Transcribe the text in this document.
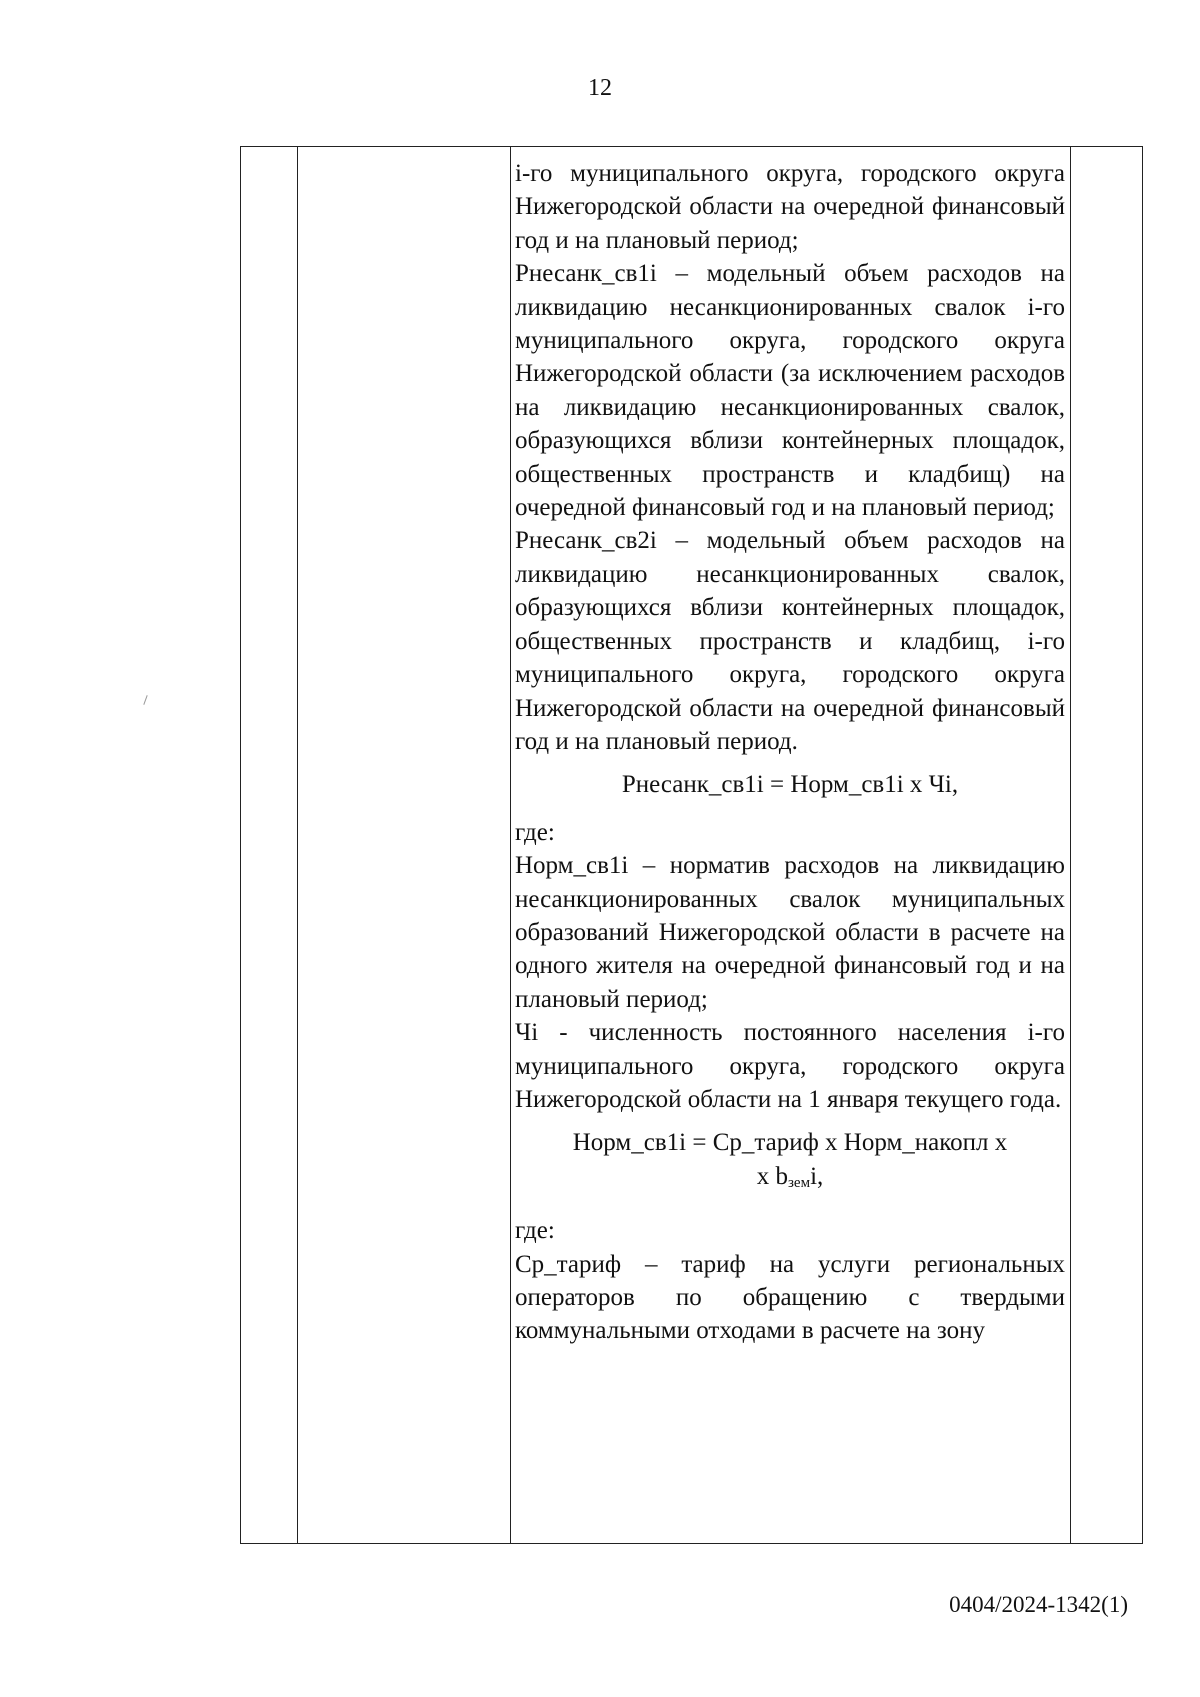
12
i-го муниципального округа, городского округа Нижегородской области на очередной финансовый год и на плановый период;
Рнесанк_св1i – модельный объем расходов на ликвидацию несанкционированных свалок i-го муниципального округа, городского округа Нижегородской области (за исключением расходов на ликвидацию несанкционированных свалок, образующихся вблизи контейнерных площадок, общественных пространств и кладбищ) на очередной финансовый год и на плановый период;
Рнесанк_св2i – модельный объем расходов на ликвидацию несанкционированных свалок, образующихся вблизи контейнерных площадок, общественных пространств и кладбищ, i-го муниципального округа, городского округа Нижегородской области на очередной финансовый год и на плановый период.
Рнесанк_св1i = Норм_св1i х Чi,
где:
Норм_св1i – норматив расходов на ликвидацию несанкционированных свалок муниципальных образований Нижегородской области в расчете на одного жителя на очередной финансовый год и на плановый период;
Чi - численность постоянного населения i-го муниципального округа, городского округа Нижегородской области на 1 января текущего года.
Норм_св1i = Ср_тариф х Норм_накопл х
х $b_{зем}i$,
где:
Ср_тариф – тариф на услуги региональных операторов по обращению с твердыми коммунальными отходами в расчете на зону
0404/2024-1342(1)
